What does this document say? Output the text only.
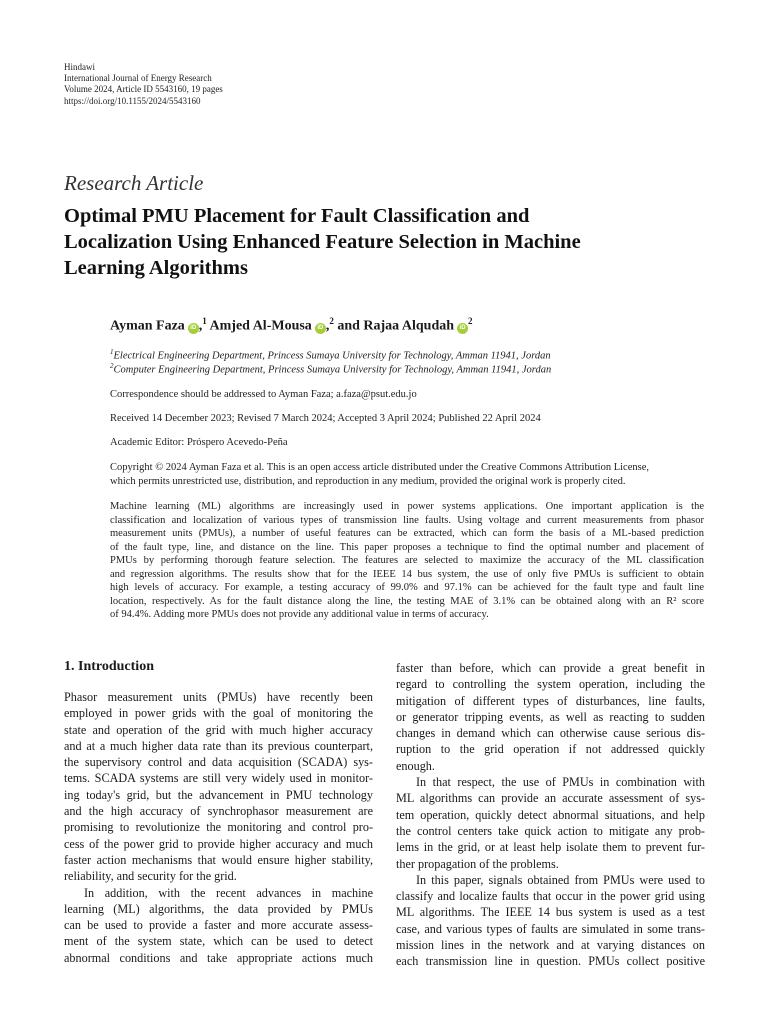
Hindawi
International Journal of Energy Research
Volume 2024, Article ID 5543160, 19 pages
https://doi.org/10.1155/2024/5543160
Research Article
Optimal PMU Placement for Fault Classification and
Localization Using Enhanced Feature Selection in Machine
Learning Algorithms
Ayman Faza iD ,$^1$ Amjed Al-Mousa iD ,$^2$ and Rajaa Alqudah $iD^2$
$^1$Electrical Engineering Department, Princess Sumaya University for Technology, Amman 11941, Jordan
$^2$Computer Engineering Department, Princess Sumaya University for Technology, Amman 11941, Jordan
Correspondence should be addressed to Ayman Faza; a.faza@psut.edu.jo
Received 14 December 2023; Revised 7 March 2024; Accepted 3 April 2024; Published 22 April 2024
Academic Editor: Próspero Acevedo-Peña
Copyright © 2024 Ayman Faza et al. This is an open access article distributed under the Creative Commons Attribution License,
which permits unrestricted use, distribution, and reproduction in any medium, provided the original work is properly cited.
Machine learning (ML) algorithms are increasingly used in power systems applications. One important application is the
classification and localization of various types of transmission line faults. Using voltage and current measurements from phasor
measurement units (PMUs), a number of useful features can be extracted, which can form the basis of a ML-based prediction
of the fault type, line, and distance on the line. This paper proposes a technique to find the optimal number and placement of
PMUs by performing thorough feature selection. The features are selected to maximize the accuracy of the ML classification
and regression algorithms. The results show that for the IEEE 14 bus system, the use of only five PMUs is sufficient to obtain
high levels of accuracy. For example, a testing accuracy of 99.0% and 97.1% can be achieved for the fault type and fault line
location, respectively. As for the fault distance along the line, the testing MAE of 3.1% can be obtained along with an R² score
of 94.4%. Adding more PMUs does not provide any additional value in terms of accuracy.
1. Introduction
Phasor measurement units (PMUs) have recently been
employed in power grids with the goal of monitoring the
state and operation of the grid with much higher accuracy
and at a much higher data rate than its previous counterpart,
the supervisory control and data acquisition (SCADA) sys-
tems. SCADA systems are still very widely used in monitor-
ing today's grid, but the advancement in PMU technology
and the high accuracy of synchrophasor measurement are
promising to revolutionize the monitoring and control pro-
cess of the power grid to provide higher accuracy and much
faster action mechanisms that would ensure higher stability,
reliability, and security for the grid.
In addition, with the recent advances in machine
learning (ML) algorithms, the data provided by PMUs
can be used to provide a faster and more accurate assess-
ment of the system state, which can be used to detect
abnormal conditions and take appropriate actions much
faster than before, which can provide a great benefit in
regard to controlling the system operation, including the
mitigation of different types of disturbances, line faults,
or generator tripping events, as well as reacting to sudden
changes in demand which can otherwise cause serious dis-
ruption to the grid operation if not addressed quickly
enough.
In that respect, the use of PMUs in combination with
ML algorithms can provide an accurate assessment of sys-
tem operation, quickly detect abnormal situations, and help
the control centers take quick action to mitigate any prob-
lems in the grid, or at least help isolate them to prevent fur-
ther propagation of the problems.
In this paper, signals obtained from PMUs were used to
classify and localize faults that occur in the power grid using
ML algorithms. The IEEE 14 bus system is used as a test
case, and various types of faults are simulated in some trans-
mission lines in the network and at varying distances on
each transmission line in question. PMUs collect positive
